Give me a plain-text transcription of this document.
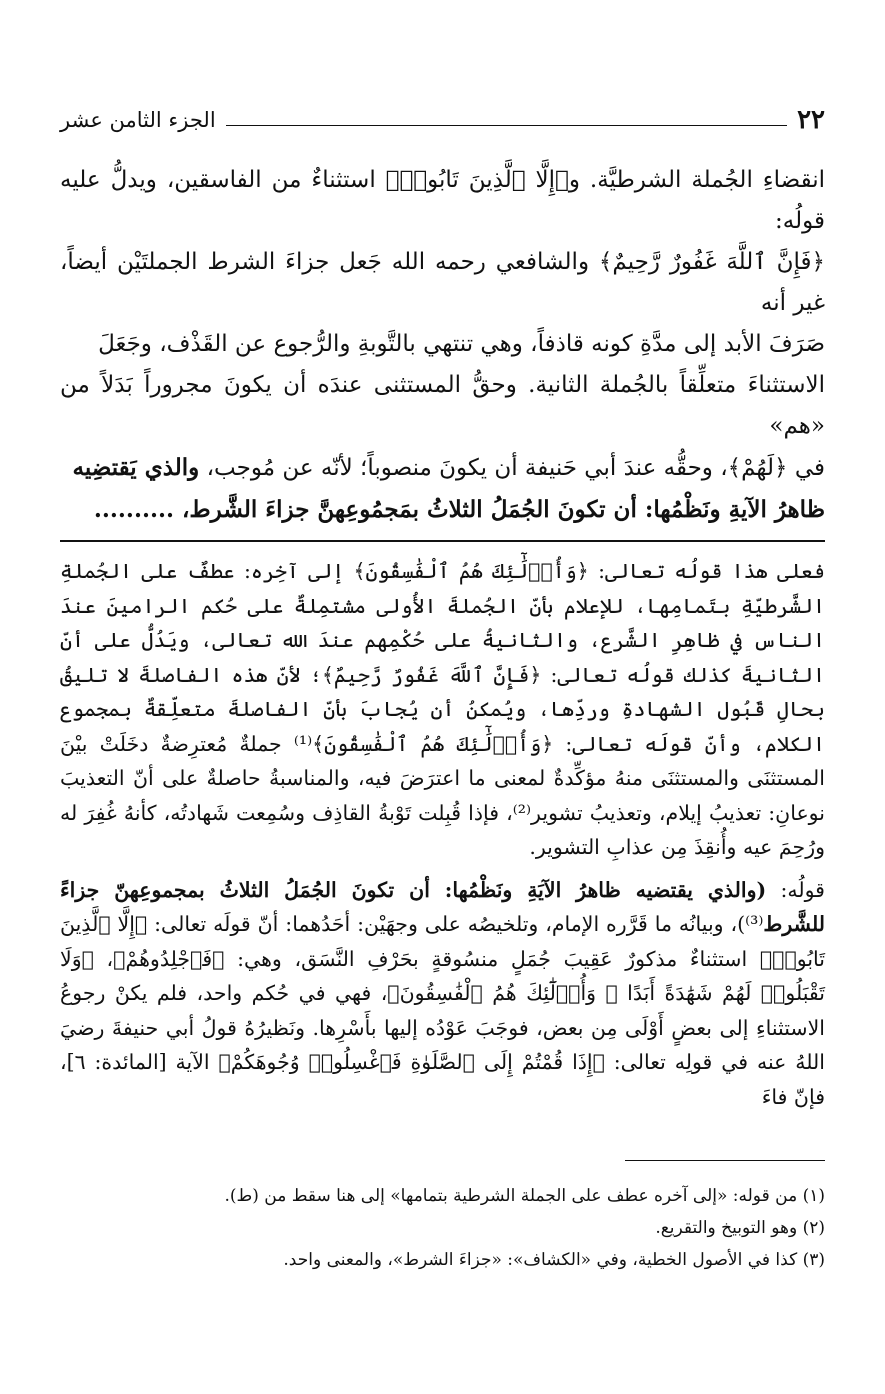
٢٢
الجزء الثامن عشر
انقضاءِ الجُملة الشرطيَّة. و﴿إِلَّا ٱلَّذِينَ تَابُوا۟﴾ استثناءٌ من الفاسقين، ويدلُّ عليه قولُه:
﴿فَإِنَّ ٱللَّهَ غَفُورٌ رَّحِيمٌ﴾ والشافعي رحمه الله جَعل جزاءَ الشرط الجملتَيْن أيضاً، غير أنه
صَرَفَ الأبد إلى مدَّةِ كونه قاذفاً، وهي تنتهي بالتَّوبةِ والرُّجوع عن القَذْف، وجَعَلَ
الاستثناءَ متعلِّقاً بالجُملة الثانية. وحقُّ المستثنى عندَه أن يكونَ مجروراً بَدَلاً من «هم»
في ﴿لَهُمْ﴾، وحقُّه عندَ أبي حَنيفة أن يكونَ منصوباً؛ لأنّه عن مُوجب، والذي يَقتضِيه
ظاهرُ الآيةِ ونَظْمُها: أن تكونَ الجُمَلُ الثلاثُ بمَجمُوعِهنَّ جزاءَ الشَّرط، ..........

فعلى هذا قولُه تعالى: ﴿وَأُو۟لَٰٓئِكَ هُمُ ٱلْفَٰسِقُونَ﴾ إلى آخِره: عطفٌ على الجُملةِ الشَّرطيّةِ بتَمامِها، للإعلام بأنّ الجُملةَ الأُولى مشتمِلةٌ على حُكم الرامينَ عندَ الناس في ظاهِرِ الشَّرع، والثانيةُ على حُكْمِهم عندَ الله تعالى، ويَدُلُّ على أنّ الثانيةَ كذلك قولُه تعالى: ﴿فَإِنَّ ٱللَّهَ غَفُورٌ رَّحِيمٌ﴾؛ لأنّ هذه الفاصلةَ لا تليقُ بحالِ قَبُول الشهادةِ وردِّها، ويُمكنُ أن يُجابَ بأنّ الفاصلةَ متعلِّقةٌ بمجموع الكلام، وأنّ قولَه تعالى: ﴿وَأُو۟لَٰٓئِكَ هُمُ ٱلْفَٰسِقُونَ﴾⁽¹⁾ جملةٌ مُعترِضةٌ دخَلَتْ بيْنَ المستثنَى والمستثنَى منهُ مؤكِّدةٌ لمعنى ما اعترَضَ فيه، والمناسبةُ حاصلةٌ على أنّ التعذيبَ نوعانِ: تعذيبُ إيلام، وتعذيبُ تشوير⁽²⁾، فإذا قُبِلت تَوْبةُ القاذِف وسُمِعت شَهادتُه، كأنهُ غُفِرَ له ورُحِمَ عيه وأُنقِذَ مِن عذابِ التشوير.

قولُه: (والذي يقتضيه ظاهرُ الآيَةِ ونَظْمُها: أن تكونَ الجُمَلُ الثلاثُ بمجموعِهنّ جزاءً للشَّرط⁽³⁾)، وبيانُه ما قَرَّره الإمام، وتلخيصُه على وجهَيْن: أحَدُهما: أنّ قولَه تعالى: ﴿إِلَّا ٱلَّذِينَ تَابُوا۟﴾ استثناءٌ مذكورٌ عَقِيبَ جُمَلٍ منسُوقةٍ بحَرْفِ النَّسَق، وهي: ﴿فَٱجْلِدُوهُمْ﴾، ﴿وَلَا تَقْبَلُوا۟ لَهُمْ شَهَٰدَةً أَبَدًا ۚ وَأُو۟لَٰٓئِكَ هُمُ ٱلْفَٰسِقُونَ﴾، فهي في حُكم واحد، فلم يكنْ رجوعُ الاستثناءِ إلى بعضٍ أَوْلَى مِن بعض، فوجَبَ عَوْدُه إليها بأَسْرِها. ونَظيرُهُ قولُ أبي حنيفةَ رضيَ اللهُ عنه في قولِه تعالى: ﴿إِذَا قُمْتُمْ إِلَى ٱلصَّلَوٰةِ فَٱغْسِلُوا۟ وُجُوهَكُمْ﴾ الآية [المائدة: ٦]، فإنّ فاءَ

(١) من قوله: «إلى آخره عطف على الجملة الشرطية بتمامها» إلى هنا سقط من (ط).
(٢) وهو التوبيخ والتقريع.
(٣) كذا في الأصول الخطية، وفي «الكشاف»: «جزاءَ الشرط»، والمعنى واحد.
